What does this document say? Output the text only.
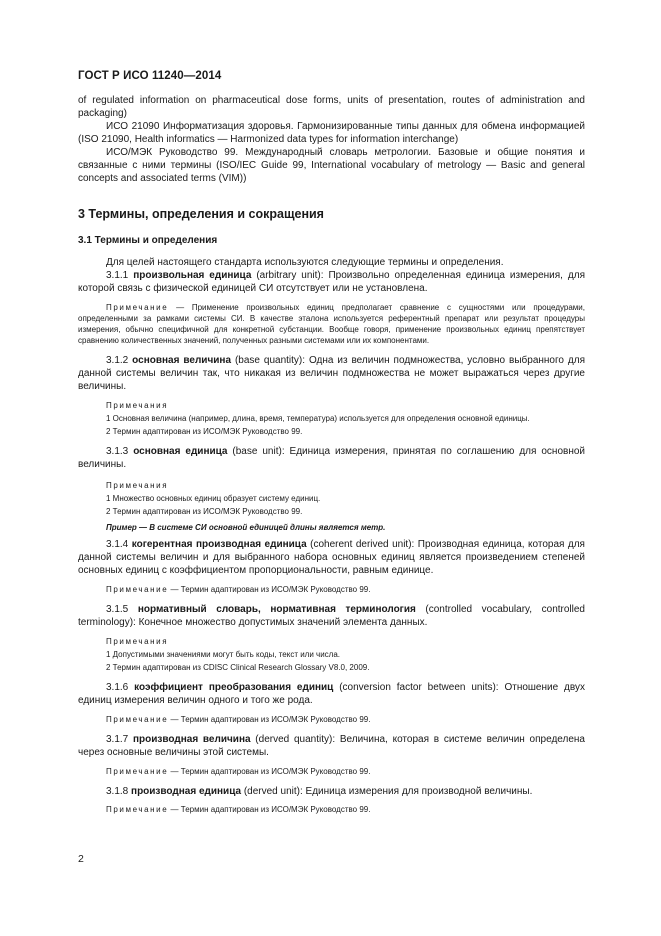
ГОСТ Р ИСО 11240—2014

of regulated information on pharmaceutical dose forms, units of presentation, routes of administration and packaging)

ИСО 21090 Информатизация здоровья. Гармонизированные типы данных для обмена информацией (ISO 21090, Health informatics — Harmonized data types for information interchange)

ИСО/МЭК Руководство 99. Международный словарь метрологии. Базовые и общие понятия и связанные с ними термины (ISO/IEC Guide 99, International vocabulary of metrology — Basic and general concepts and associated terms (VIM))

3 Термины, определения и сокращения

3.1 Термины и определения

Для целей настоящего стандарта используются следующие термины и определения.

3.1.1 произвольная единица (arbitrary unit): Произвольно определенная единица измерения, для которой связь с физической единицей СИ отсутствует или не установлена.

Примечание — Применение произвольных единиц предполагает сравнение с сущностями или процедурами, определенными за рамками системы СИ. В качестве эталона используется референтный препарат или результат процедуры измерения, обычно специфичной для конкретной субстанции. Вообще говоря, применение произвольных единиц препятствует сравнению количественных значений, полученных разными системами или их компонентами.

3.1.2 основная величина (base quantity): Одна из величин подмножества, условно выбранного для данной системы величин так, что никакая из величин подмножества не может выражаться через другие величины.

Примечания

1 Основная величина (например, длина, время, температура) используется для определения основной единицы.

2 Термин адаптирован из ИСО/МЭК Руководство 99.

3.1.3 основная единица (base unit): Единица измерения, принятая по соглашению для основной величины.

Примечания

1 Множество основных единиц образует систему единиц.

2 Термин адаптирован из ИСО/МЭК Руководство 99.

Пример — В системе СИ основной единицей длины является метр.

3.1.4 когерентная производная единица (coherent derived unit): Производная единица, которая для данной системы величин и для выбранного набора основных единиц является произведением степеней основных единиц с коэффициентом пропорциональности, равным единице.

Примечание — Термин адаптирован из ИСО/МЭК Руководство 99.

3.1.5 нормативный словарь, нормативная терминология (controlled vocabulary, controlled terminology): Конечное множество допустимых значений элемента данных.

Примечания

1 Допустимыми значениями могут быть коды, текст или числа.

2 Термин адаптирован из CDISC Clinical Research Glossary V8.0, 2009.

3.1.6 коэффициент преобразования единиц (conversion factor between units): Отношение двух единиц измерения величин одного и того же рода.

Примечание — Термин адаптирован из ИСО/МЭК Руководство 99.

3.1.7 производная величина (derved quantity): Величина, которая в системе величин определена через основные величины этой системы.

Примечание — Термин адаптирован из ИСО/МЭК Руководство 99.

3.1.8 производная единица (derved unit): Единица измерения для производной величины.

Примечание — Термин адаптирован из ИСО/МЭК Руководство 99.

2
